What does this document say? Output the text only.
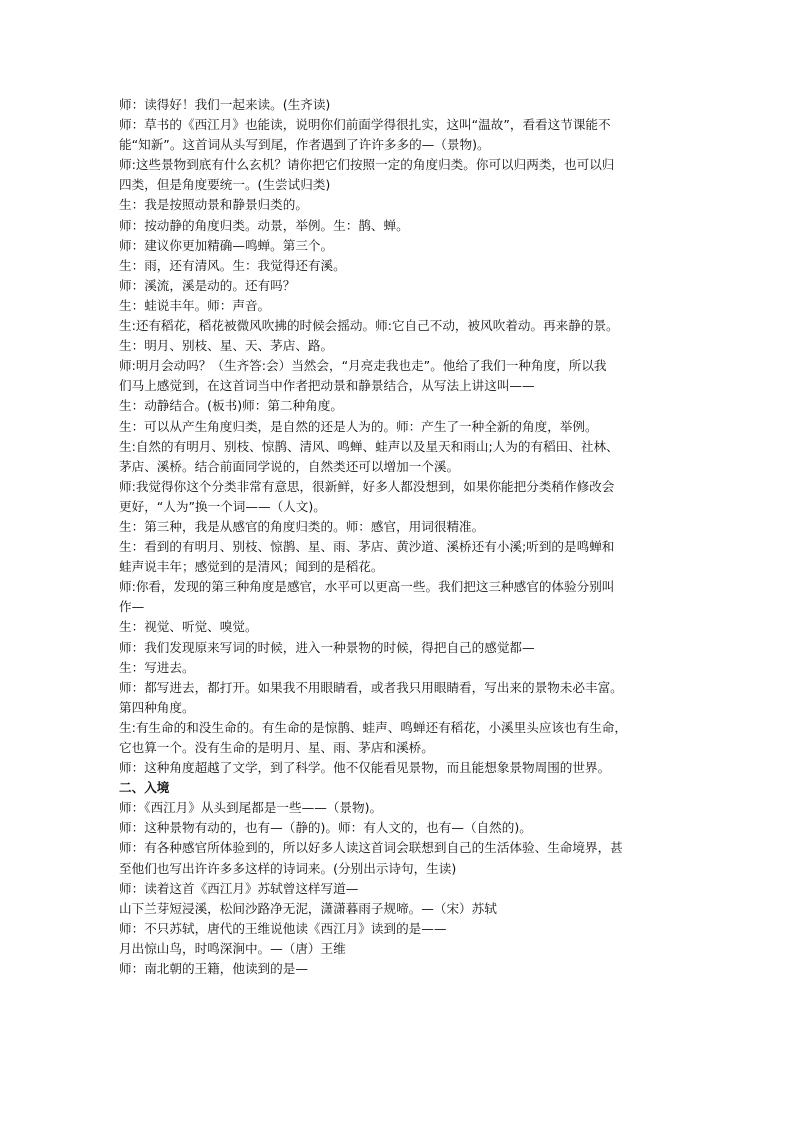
师：读得好！我们一起来读。(生齐读)
师：草书的《西江月》也能读，说明你们前面学得很扎实，这叫“温故”，看看这节课能不
能“知新”。这首词从头写到尾，作者遇到了许许多多的—（景物)。
师:这些景物到底有什么玄机？请你把它们按照一定的角度归类。你可以归两类，也可以归
四类，但是角度要统一。(生尝试归类)
生：我是按照动景和静景归类的。
师：按动静的角度归类。动景，举例。生：鹊、蝉。
师：建议你更加精确—鸣蝉。第三个。
生：雨，还有清风。生：我觉得还有溪。
师：溪流，溪是动的。还有吗？
生：蛙说丰年。师：声音。
生:还有稻花，稻花被微风吹拂的时候会摇动。师:它自己不动，被风吹着动。再来静的景。
生：明月、别枝、星、天、茅店、路。
师:明月会动吗？（生齐答:会）当然会，“月亮走我也走”。他给了我们一种角度，所以我
们马上感觉到，在这首词当中作者把动景和静景结合，从写法上讲这叫——
生：动静结合。(板书)师：第二种角度。
生：可以从产生角度归类，是自然的还是人为的。师：产生了一种全新的角度，举例。
生:自然的有明月、别枝、惊鹊、清风、鸣蝉、蛙声以及星天和雨山;人为的有稻田、社林、
茅店、溪桥。结合前面同学说的，自然类还可以增加一个溪。
师:我觉得你这个分类非常有意思，很新鲜，好多人都没想到，如果你能把分类稍作修改会
更好，“人为”换一个词——（人文)。
生：第三种，我是从感官的角度归类的。师：感官，用词很精准。
生：看到的有明月、别枝、惊鹊、星、雨、茅店、黄沙道、溪桥还有小溪;听到的是鸣蝉和
蛙声说丰年；感觉到的是清风；闻到的是稻花。
师:你看，发现的第三种角度是感官，水平可以更高一些。我们把这三种感官的体验分别叫
作—
生：视觉、听觉、嗅觉。
师：我们发现原来写词的时候，进入一种景物的时候，得把自己的感觉都—
生：写进去。
师：都写进去，都打开。如果我不用眼睛看，或者我只用眼睛看，写出来的景物未必丰富。
第四种角度。
生:有生命的和没生命的。有生命的是惊鹊、蛙声、鸣蝉还有稻花，小溪里头应该也有生命，
它也算一个。没有生命的是明月、星、雨、茅店和溪桥。
师：这种角度超越了文学，到了科学。他不仅能看见景物，而且能想象景物周围的世界。
二、入境
师：《西江月》从头到尾都是一些——（景物)。
师：这种景物有动的，也有—（静的)。师：有人文的，也有—（自然的)。
师：有各种感官所体验到的，所以好多人读这首词会联想到自己的生活体验、生命境界，甚
至他们也写出许许多多这样的诗词来。(分别出示诗句，生读)
师：读着这首《西江月》苏轼曾这样写道—
山下兰芽短浸溪，松间沙路净无泥，潇潇暮雨子规啼。—（宋）苏轼
师：不只苏轼，唐代的王维说他读《西江月》读到的是——
月出惊山鸟，时鸣深涧中。—（唐）王维
师：南北朝的王籍，他读到的是—
